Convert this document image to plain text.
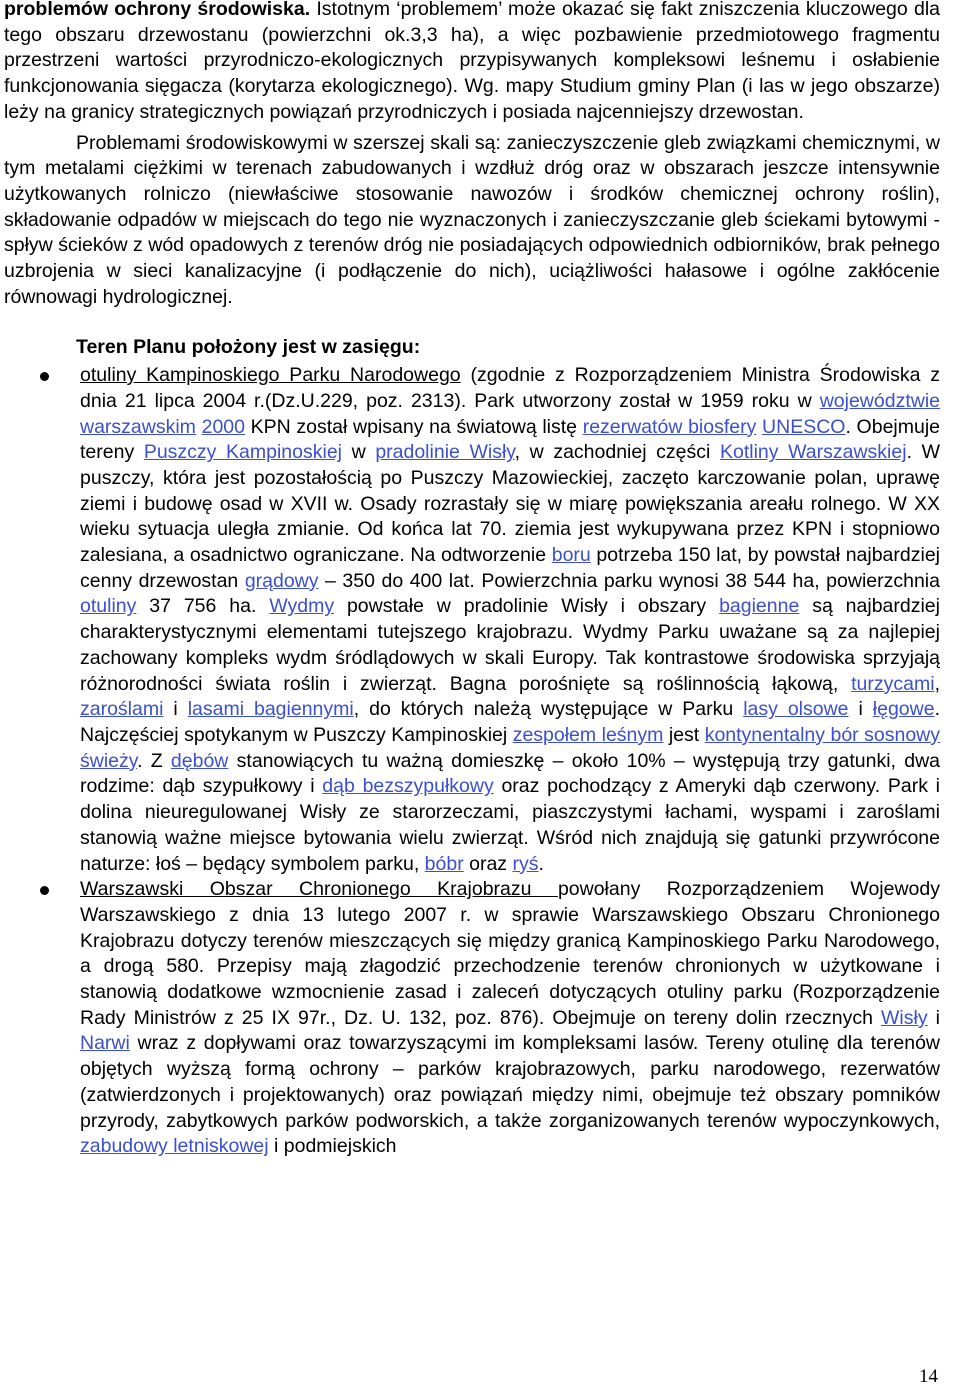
problemów ochrony środowiska. Istotnym ‘problemem’ może okazać się fakt zniszczenia kluczowego dla tego obszaru drzewostanu (powierzchni ok.3,3 ha), a więc pozbawienie przedmiotowego fragmentu przestrzeni wartości przyrodniczo-ekologicznych przypisywanych kompleksowi leśnemu i osłabienie funkcjonowania sięgacza (korytarza ekologicznego). Wg. mapy Studium gminy Plan (i las w jego obszarze) leży na granicy strategicznych powiązań przyrodniczych i posiada najcenniejszy drzewostan.

Problemami środowiskowymi w szerszej skali są: zanieczyszczenie gleb związkami chemicznymi, w tym metalami ciężkimi w terenach zabudowanych i wzdłuż dróg oraz w obszarach jeszcze intensywnie użytkowanych rolniczo (niewłaściwe stosowanie nawozów i środków chemicznej ochrony roślin), składowanie odpadów w miejscach do tego nie wyznaczonych i zanieczyszczanie gleb ściekami bytowymi - spływ ścieków z wód opadowych z terenów dróg nie posiadających odpowiednich odbiorników, brak pełnego uzbrojenia w sieci kanalizacyjne (i podłączenie do nich), uciążliwości hałasowe i ogólne zakłócenie równowagi hydrologicznej.

Teren Planu położony jest w zasięgu:
otuliny Kampinoskiego Parku Narodowego (zgodnie z Rozporządzeniem Ministra Środowiska z dnia 21 lipca 2004 r.(Dz.U.229, poz. 2313). Park utworzony został w 1959 roku w województwie warszawskim 2000 KPN został wpisany na światową listę rezerwatów biosfery UNESCO. Obejmuje tereny Puszczy Kampinoskiej w pradolinie Wisły, w zachodniej części Kotliny Warszawskiej. W puszczy, która jest pozostałością po Puszczy Mazowieckiej, zaczęto karczowanie polan, uprawę ziemi i budowę osad w XVII w. Osady rozrastały się w miarę powiększania areału rolnego. W XX wieku sytuacja uległa zmianie. Od końca lat 70. ziemia jest wykupywana przez KPN i stopniowo zalesiana, a osadnictwo ograniczane. Na odtworzenie boru potrzeba 150 lat, by powstał najbardziej cenny drzewostan grądowy – 350 do 400 lat. Powierzchnia parku wynosi 38 544 ha, powierzchnia otuliny 37 756 ha. Wydmy powstałe w pradolinie Wisły i obszary bagienne są najbardziej charakterystycznymi elementami tutejszego krajobrazu. Wydmy Parku uważane są za najlepiej zachowany kompleks wydm śródlądowych w skali Europy. Tak kontrastowe środowiska sprzyjają różnorodności świata roślin i zwierząt. Bagna porośnięte są roślinnością łąkową, turzycami, zaroślami i lasami bagiennymi, do których należą występujące w Parku lasy olsowe i łęgowe. Najczęściej spotykanym w Puszczy Kampinoskiej zespołem leśnym jest kontynentalny bór sosnowy świeży. Z dębów stanowiących tu ważną domieszkę – około 10% – występują trzy gatunki, dwa rodzime: dąb szypułkowy i dąb bezszypułkowy oraz pochodzący z Ameryki dąb czerwony. Park i dolina nieuregulowanej Wisły ze starorzeczami, piaszczystymi łachami, wyspami i zaroślami stanowią ważne miejsce bytowania wielu zwierząt. Wśród nich znajdują się gatunki przywrócone naturze: łoś – będący symbolem parku, bóbr oraz ryś.
Warszawski Obszar Chronionego Krajobrazu powołany Rozporządzeniem Wojewody Warszawskiego z dnia 13 lutego 2007 r. w sprawie Warszawskiego Obszaru Chronionego Krajobrazu dotyczy terenów mieszczących się między granicą Kampinoskiego Parku Narodowego, a drogą 580. Przepisy mają złagodzić przechodzenie terenów chronionych w użytkowane i stanowią dodatkowe wzmocnienie zasad i zaleceń dotyczących otuliny parku (Rozporządzenie Rady Ministrów z 25 IX 97r., Dz. U. 132, poz. 876). Obejmuje on tereny dolin rzecznych Wisły i Narwi wraz z dopływami oraz towarzyszącymi im kompleksami lasów. Tereny otulinę dla terenów objętych wyższą formą ochrony – parków krajobrazowych, parku narodowego, rezerwatów (zatwierdzonych i projektowanych) oraz powiązań między nimi, obejmuje też obszary pomników przyrody, zabytkowych parków podworskich, a także zorganizowanych terenów wypoczynkowych, zabudowy letniskowej i podmiejskich
14
